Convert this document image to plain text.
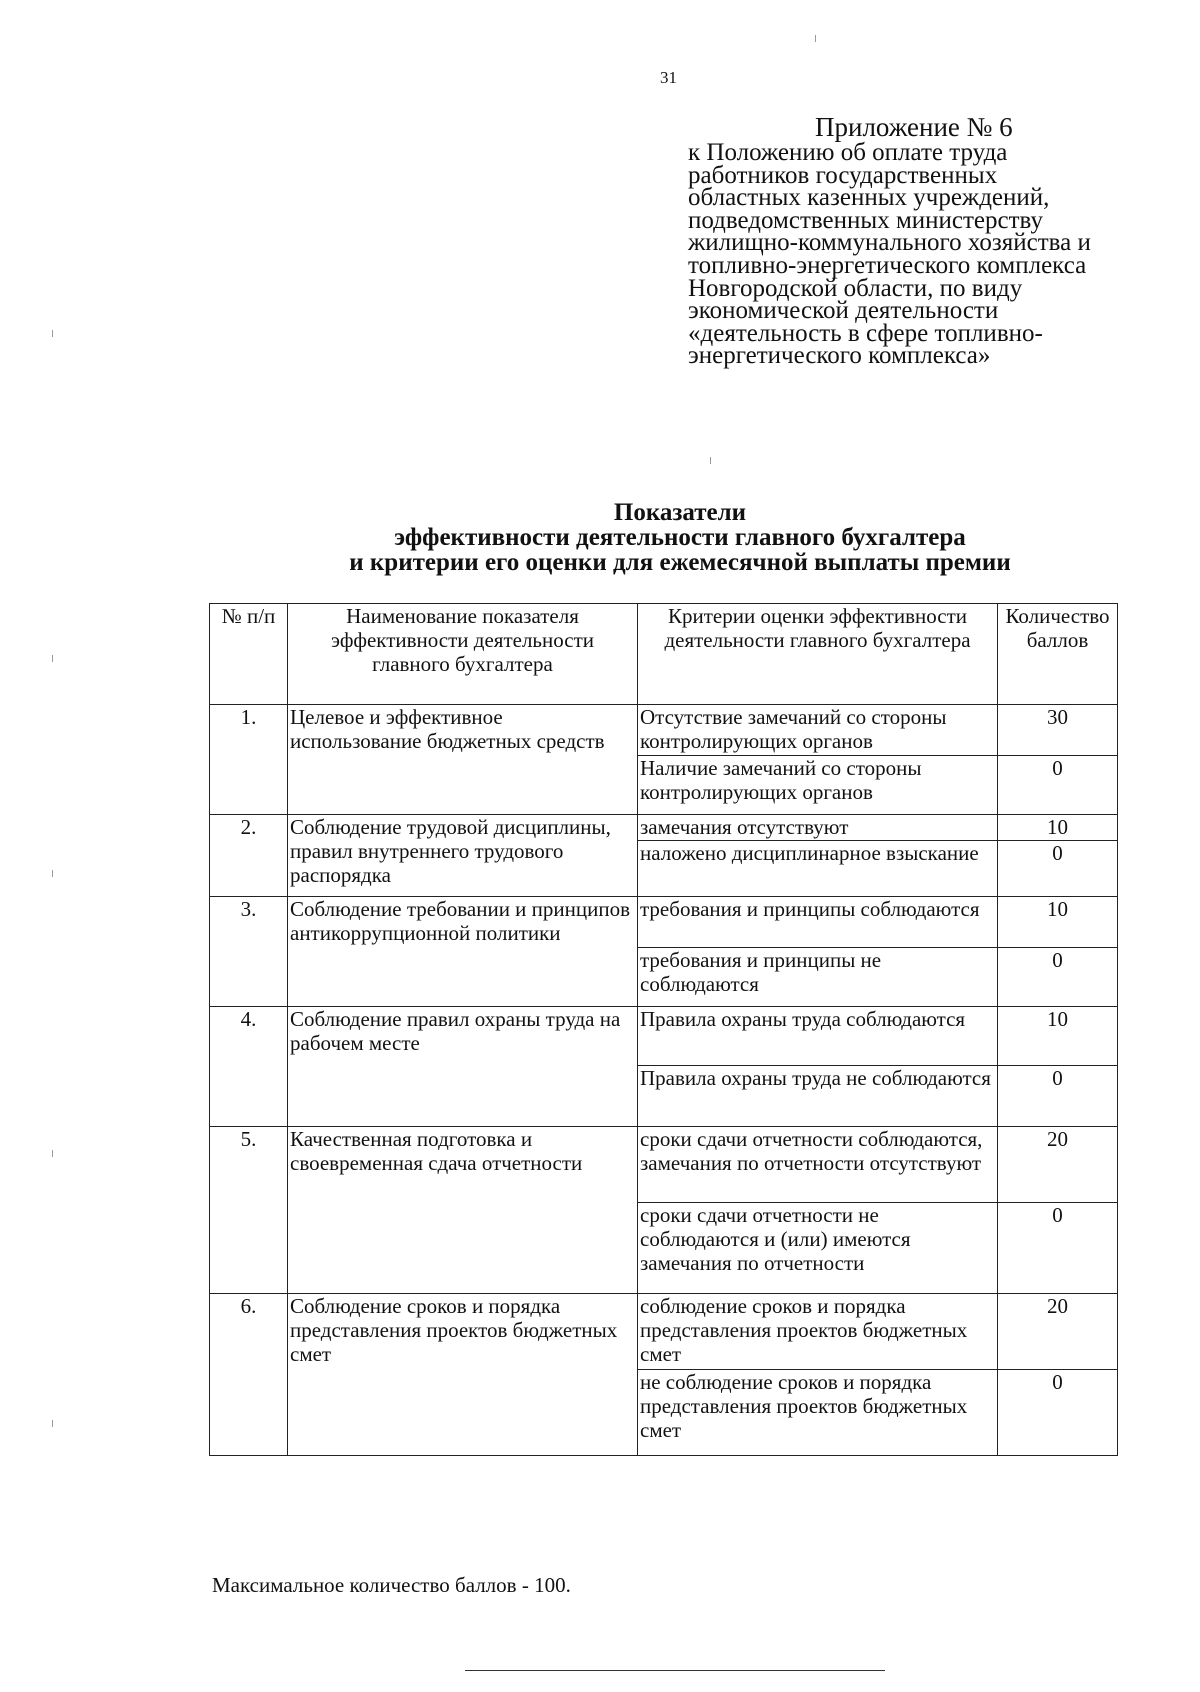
31
Приложение № 6
к Положению об оплате труда
работников государственных
областных казенных учреждений,
подведомственных министерству
жилищно-коммунального хозяйства и
топливно-энергетического комплекса
Новгородской области, по виду
экономической деятельности
«деятельность в сфере топливно-
энергетического комплекса»
Показатели
эффективности деятельности главного бухгалтера
и критерии его оценки для ежемесячной выплаты премии
№ п/п	Наименование показателя эффективности деятельности главного бухгалтера	Критерии оценки эффективности деятельности главного бухгалтера	Количество баллов
1.	Целевое и эффективное использование бюджетных средств	Отсутствие замечаний со стороны контролирующих органов	30
		Наличие замечаний со стороны контролирующих органов	0
2.	Соблюдение трудовой дисциплины, правил внутреннего трудового распорядка	замечания отсутствуют	10
		наложено дисциплинарное взыскание	0
3.	Соблюдение требовании и принципов антикоррупционной политики	требования и принципы соблюдаются	10
		требования и принципы не соблюдаются	0
4.	Соблюдение правил охраны труда на рабочем месте	Правила охраны труда соблюдаются	10
		Правила охраны труда не соблюдаются	0
5.	Качественная подготовка и своевременная сдача отчетности	сроки сдачи отчетности соблюдаются, замечания по отчетности отсутствуют	20
		сроки сдачи отчетности не соблюдаются и (или) имеются замечания по отчетности	0
6.	Соблюдение сроков и порядка представления проектов бюджетных смет	соблюдение сроков и порядка представления проектов бюджетных смет	20
		не соблюдение сроков и порядка представления проектов бюджетных смет	0
Максимальное количество баллов - 100.
